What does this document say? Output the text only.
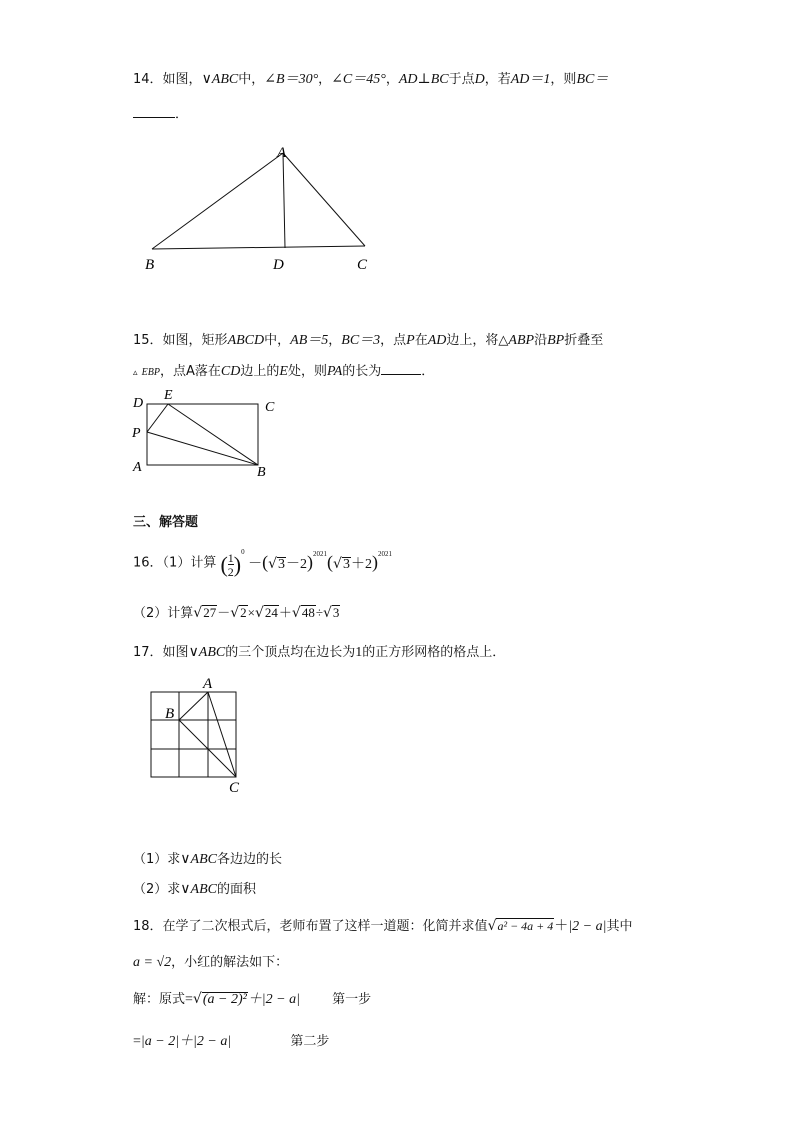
14．如图，∨ABC中，∠B＝30°，∠C＝45°，AD⊥BC于点D，若AD＝1，则BC＝
．
A
B	D	C
15．如图，矩形ABCD中，AB＝5，BC＝3，点P在AD边上，将△ABP沿BP折叠至
▵ EBP，点A落在CD边上的E处，则PA的长为	．
D
E
C
P
A	B
三、解答题
16．（1）计算 ( $\frac{1}{2} )^0 -(√3-2)^{2021}(√3+2)^{2021}$
（2）计算√27－√2×√24＋√48÷√3
17．如图∨ABC的三个顶点均在边长为1的正方形网格的格点上．
A
B
C
（1）求∨ABC各边边的长
（2）求∨ABC的面积
18．在学了二次根式后，老师布置了这样一道题：化简并求值√a² − 4a + 4＋|2 − a|其中
a = √2，小红的解法如下：
解：原式=√(a − 2)²＋|2 − a| 第一步
=|a − 2|＋|2 − a|	第二步
